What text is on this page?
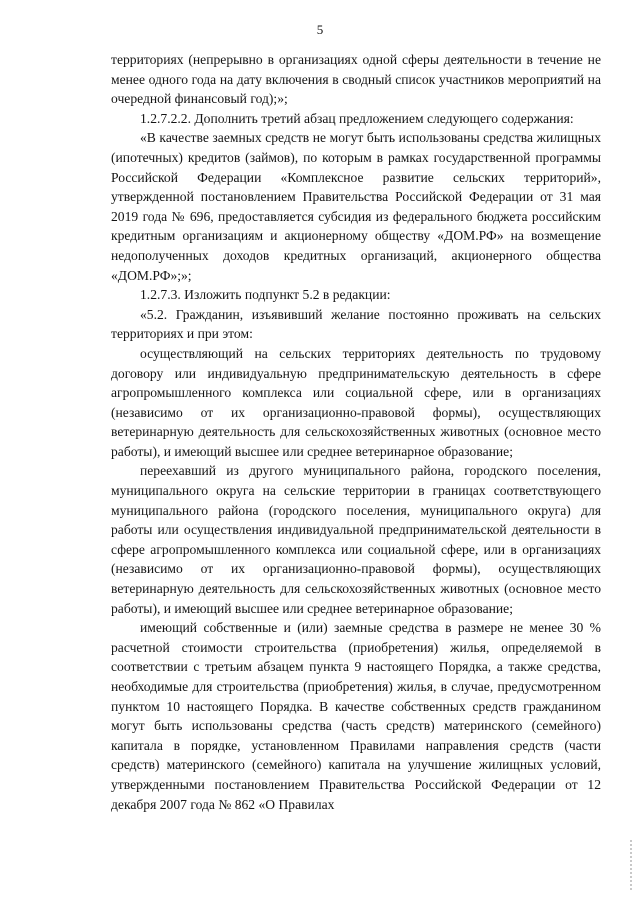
5

территориях (непрерывно в организациях одной сферы деятельности в течение не менее одного года на дату включения в сводный список участников мероприятий на очередной финансовый год);»;

1.2.7.2.2. Дополнить третий абзац предложением следующего содержания:

«В качестве заемных средств не могут быть использованы средства жилищных (ипотечных) кредитов (займов), по которым в рамках государственной программы Российской Федерации «Комплексное развитие сельских территорий», утвержденной постановлением Правительства Российской Федерации от 31 мая 2019 года № 696, предоставляется субсидия из федерального бюджета российским кредитным организациям и акционерному обществу «ДОМ.РФ» на возмещение недополученных доходов кредитных организаций, акционерного общества «ДОМ.РФ»;»;

1.2.7.3. Изложить подпункт 5.2 в редакции:

«5.2. Гражданин, изъявивший желание постоянно проживать на сельских территориях и при этом:

осуществляющий на сельских территориях деятельность по трудовому договору или индивидуальную предпринимательскую деятельность в сфере агропромышленного комплекса или социальной сфере, или в организациях (независимо от их организационно-правовой формы), осуществляющих ветеринарную деятельность для сельскохозяйственных животных (основное место работы), и имеющий высшее или среднее ветеринарное образование;

переехавший из другого муниципального района, городского поселения, муниципального округа на сельские территории в границах соответствующего муниципального района (городского поселения, муниципального округа) для работы или осуществления индивидуальной предпринимательской деятельности в сфере агропромышленного комплекса или социальной сфере, или в организациях (независимо от их организационно-правовой формы), осуществляющих ветеринарную деятельность для сельскохозяйственных животных (основное место работы), и имеющий высшее или среднее ветеринарное образование;

имеющий собственные и (или) заемные средства в размере не менее 30 % расчетной стоимости строительства (приобретения) жилья, определяемой в соответствии с третьим абзацем пункта 9 настоящего Порядка, а также средства, необходимые для строительства (приобретения) жилья, в случае, предусмотренном пунктом 10 настоящего Порядка. В качестве собственных средств гражданином могут быть использованы средства (часть средств) материнского (семейного) капитала в порядке, установленном Правилами направления средств (части средств) материнского (семейного) капитала на улучшение жилищных условий, утвержденными постановлением Правительства Российской Федерации от 12 декабря 2007 года № 862 «О Правилах
